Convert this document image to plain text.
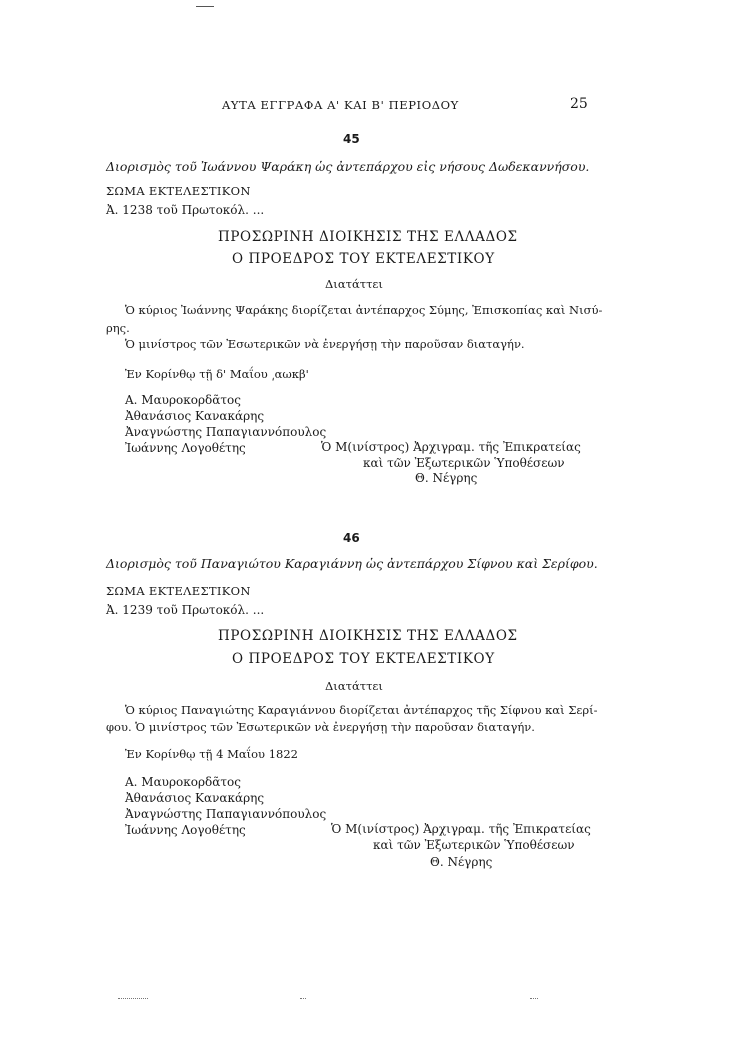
ΑΥΤΑ ΕΓΓΡΑΦΑ Α' ΚΑΙ Β' ΠΕΡΙΟΔΟΥ	25
45
Διορισμὸς τοῦ Ἰωάννου Ψαράκη ὡς ἀντεπάρχου εἰς νήσους Δωδεκαννήσου.
ΣΩΜΑ ΕΚΤΕΛΕΣΤΙΚΟΝ
Ἀ. 1238 τοῦ Πρωτοκόλ. ...
ΠΡΟΣΩΡΙΝΗ ΔΙΟΙΚΗΣΙΣ ΤΗΣ ΕΛΛΑΔΟΣ
Ο ΠΡΟΕΔΡΟΣ ΤΟΥ ΕΚΤΕΛΕΣΤΙΚΟΥ
Διατάττει
Ὁ κύριος Ἰωάννης Ψαράκης διορίζεται ἀντέπαρχος Σύμης, Ἐπισκοπίας καὶ Νισύ-
ρης.
Ὁ μινίστρος τῶν Ἐσωτερικῶν νὰ ἐνεργήσῃ τὴν παροῦσαν διαταγήν.
Ἐν Κορίνθῳ τῇ δ' Μαΐου ͵αωκβ'
Α. Μαυροκορδᾶτος
Ἀθανάσιος Κανακάρης
Ἀναγνώστης Παπαγιαννόπουλος
Ἰωάννης Λογοθέτης	Ὁ Μ(ινίστρος) Ἀρχιγραμ. τῆς Ἐπικρατείας
καὶ τῶν Ἐξωτερικῶν Ὑποθέσεων
Θ. Νέγρης
46
Διορισμὸς τοῦ Παναγιώτου Καραγιάννη ὡς ἀντεπάρχου Σίφνου καὶ Σερίφου.
ΣΩΜΑ ΕΚΤΕΛΕΣΤΙΚΟΝ
Ἀ. 1239 τοῦ Πρωτοκόλ. ...
ΠΡΟΣΩΡΙΝΗ ΔΙΟΙΚΗΣΙΣ ΤΗΣ ΕΛΛΑΔΟΣ
Ο ΠΡΟΕΔΡΟΣ ΤΟΥ ΕΚΤΕΛΕΣΤΙΚΟΥ
Διατάττει
Ὁ κύριος Παναγιώτης Καραγιάννου διορίζεται ἀντέπαρχος τῆς Σίφνου καὶ Σερί-
φου. Ὁ μινίστρος τῶν Ἐσωτερικῶν νὰ ἐνεργήσῃ τὴν παροῦσαν διαταγήν.
Ἐν Κορίνθῳ τῇ 4 Μαΐου 1822
Α. Μαυροκορδᾶτος
Ἀθανάσιος Κανακάρης
Ἀναγνώστης Παπαγιαννόπουλος
Ἰωάννης Λογοθέτης	Ὁ Μ(ινίστρος) Ἀρχιγραμ. τῆς Ἐπικρατείας
καὶ τῶν Ἐξωτερικῶν Ὑποθέσεων
Θ. Νέγρης
